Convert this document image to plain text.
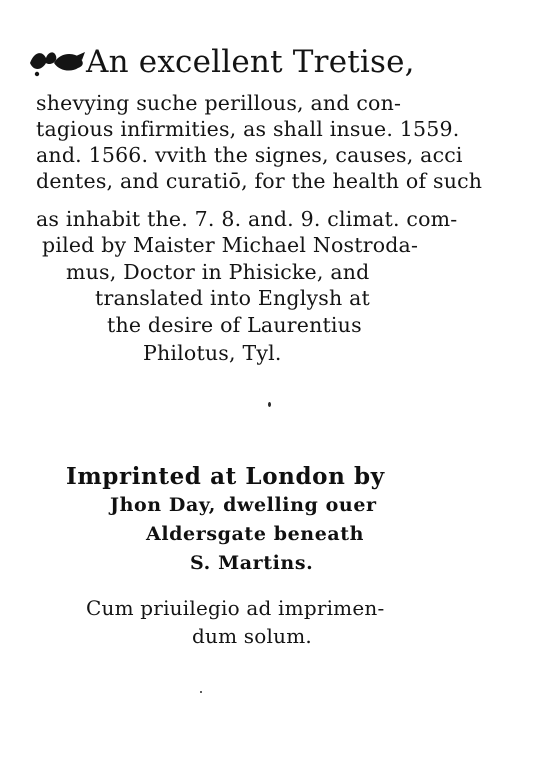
An excellent Tretise,
shevying suche perillous, and con-
tagious infirmities, as shall insue. 1559.
and. 1566. vvith the signes, causes, acci
dentes, and curatiō, for the health of such
as inhabit the. 7. 8. and. 9. climat. com-
piled by Maister Michael Nostroda-
mus, Doctor in Phisicke, and
translated into Englysh at
the desire of Laurentius
Philotus, Tyl.
Imprinted at London by
Jhon Day, dwelling ouer
Aldersgate beneath
S. Martins.
Cum priuilegio ad imprimen-
dum solum.
